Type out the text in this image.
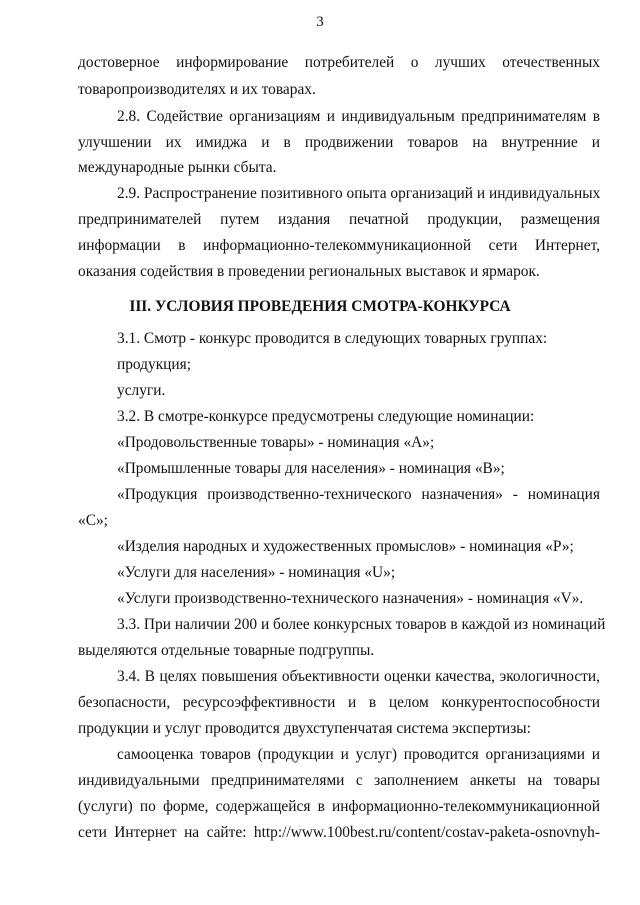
3
достоверное информирование потребителей о лучших отечественных
товаропроизводителях и их товарах.
2.8. Содействие организациям и индивидуальным предпринимателям в
улучшении их имиджа и в продвижении товаров на внутренние и
международные рынки сбыта.
2.9. Распространение позитивного опыта организаций и индивидуальных
предпринимателей путем издания печатной продукции, размещения
информации в информационно-телекоммуникационной сети Интернет,
оказания содействия в проведении региональных выставок и ярмарок.
III. УСЛОВИЯ ПРОВЕДЕНИЯ СМОТРА-КОНКУРСА
3.1. Смотр - конкурс проводится в следующих товарных группах:
продукция;
услуги.
3.2. В смотре-конкурсе предусмотрены следующие номинации:
«Продовольственные товары» - номинация «А»;
«Промышленные товары для населения» - номинация «В»;
«Продукция производственно-технического назначения» - номинация
«С»;
«Изделия народных и художественных промыслов» - номинация «Р»;
«Услуги для населения» - номинация «U»;
«Услуги производственно-технического назначения» - номинация «V».
3.3. При наличии 200 и более конкурсных товаров в каждой из номинаций
выделяются отдельные товарные подгруппы.
3.4. В целях повышения объективности оценки качества, экологичности,
безопасности, ресурсоэффективности и в целом конкурентоспособности
продукции и услуг проводится двухступенчатая система экспертизы:
самооценка товаров (продукции и услуг) проводится организациями и
индивидуальными предпринимателями с заполнением анкеты на товары
(услуги) по форме, содержащейся в информационно-телекоммуникационной
сети Интернет на сайте: http://www.100best.ru/content/costav-paketa-osnovnyh-
